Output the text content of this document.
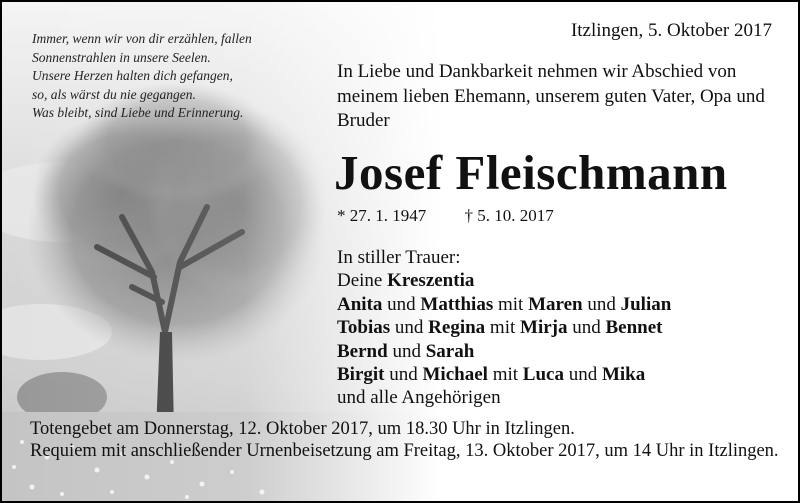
Immer, wenn wir von dir erzählen, fallen
Sonnenstrahlen in unsere Seelen.
Unsere Herzen halten dich gefangen,
so, als wärst du nie gegangen.
Was bleibt, sind Liebe und Erinnerung.
Itzlingen, 5. Oktober 2017
In Liebe und Dankbarkeit nehmen wir Abschied von meinem lieben Ehemann, unserem guten Vater, Opa und Bruder
Josef Fleischmann
* 27. 1. 1947 † 5. 10. 2017
In stiller Trauer:
Deine Kreszentia
Anita und Matthias mit Maren und Julian
Tobias und Regina mit Mirja und Bennet
Bernd und Sarah
Birgit und Michael mit Luca und Mika
und alle Angehörigen
Totengebet am Donnerstag, 12. Oktober 2017, um 18.30 Uhr in Itzlingen.
Requiem mit anschließender Urnenbeisetzung am Freitag, 13. Oktober 2017, um 14 Uhr in Itzlingen.
